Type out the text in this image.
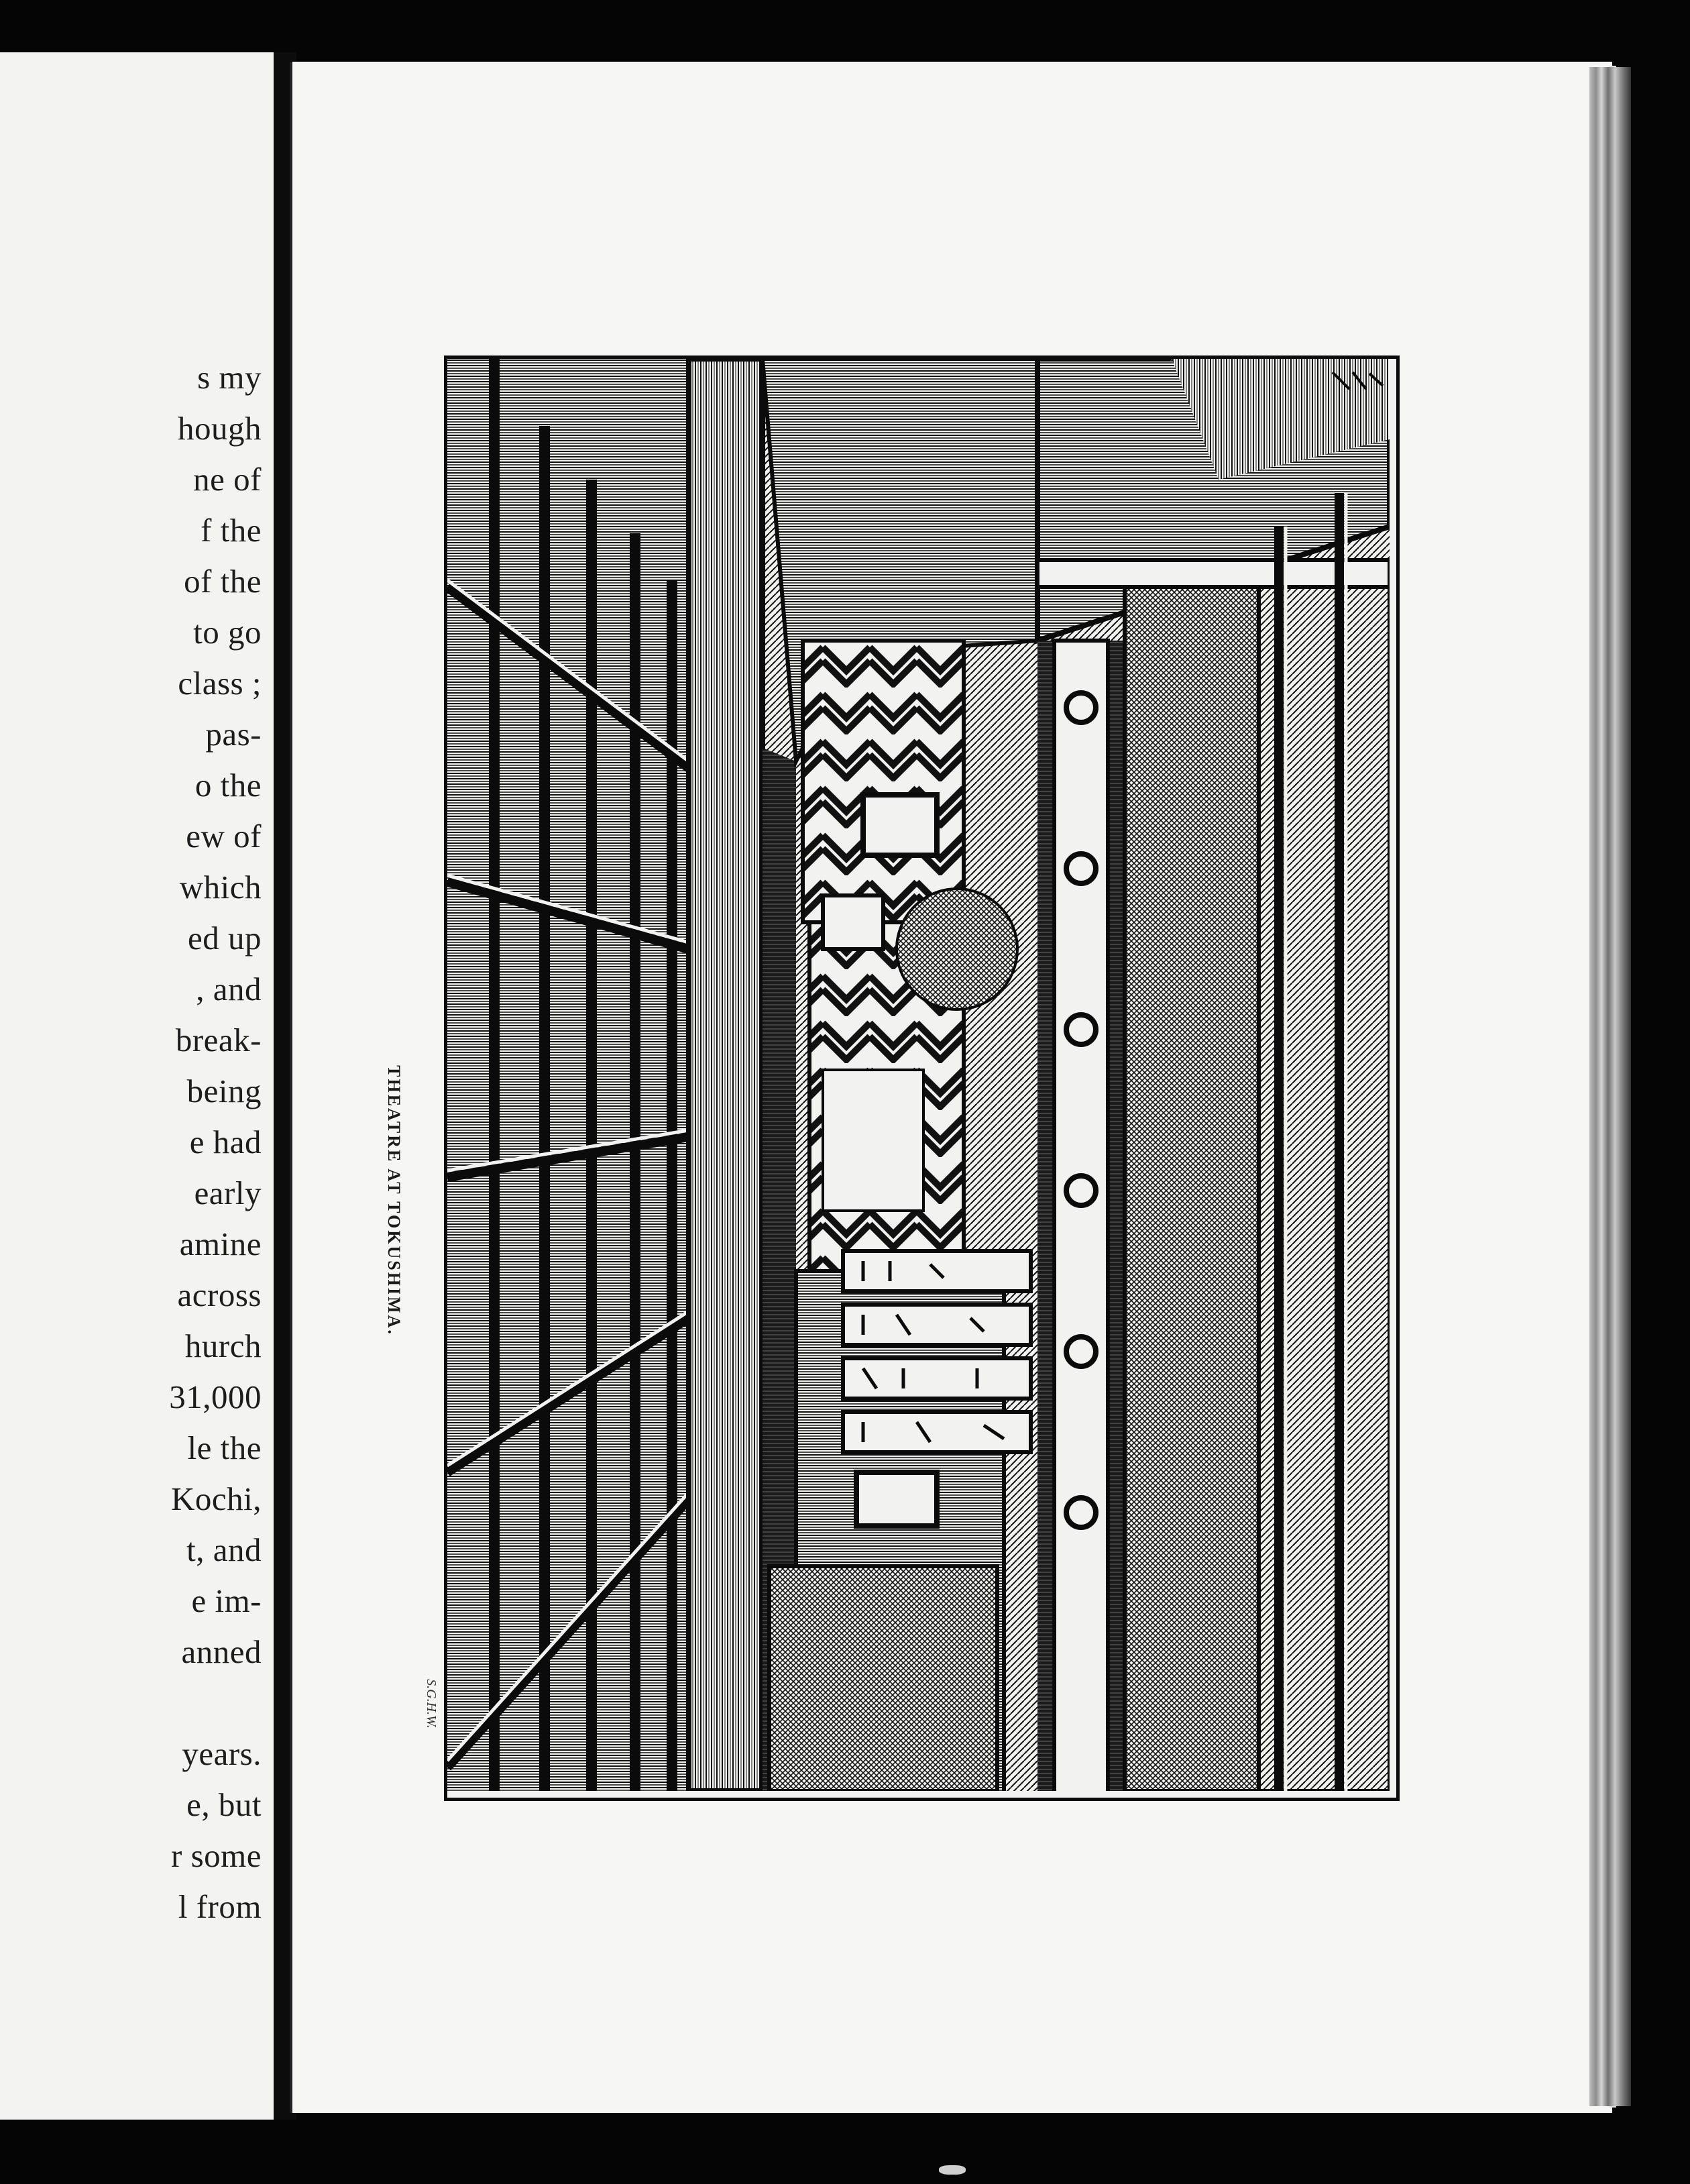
s my
hough
ne of
f the
of the
to go
class ;
pas-
o the
ew of
which
ed up
, and
break-
being
e had
early
amine
across
hurch
31,000
le the
Kochi,
t, and
e im-
anned
years.
e, but
r some
l from
THEATRE AT TOKUSHIMA.
S.G.H.W.
